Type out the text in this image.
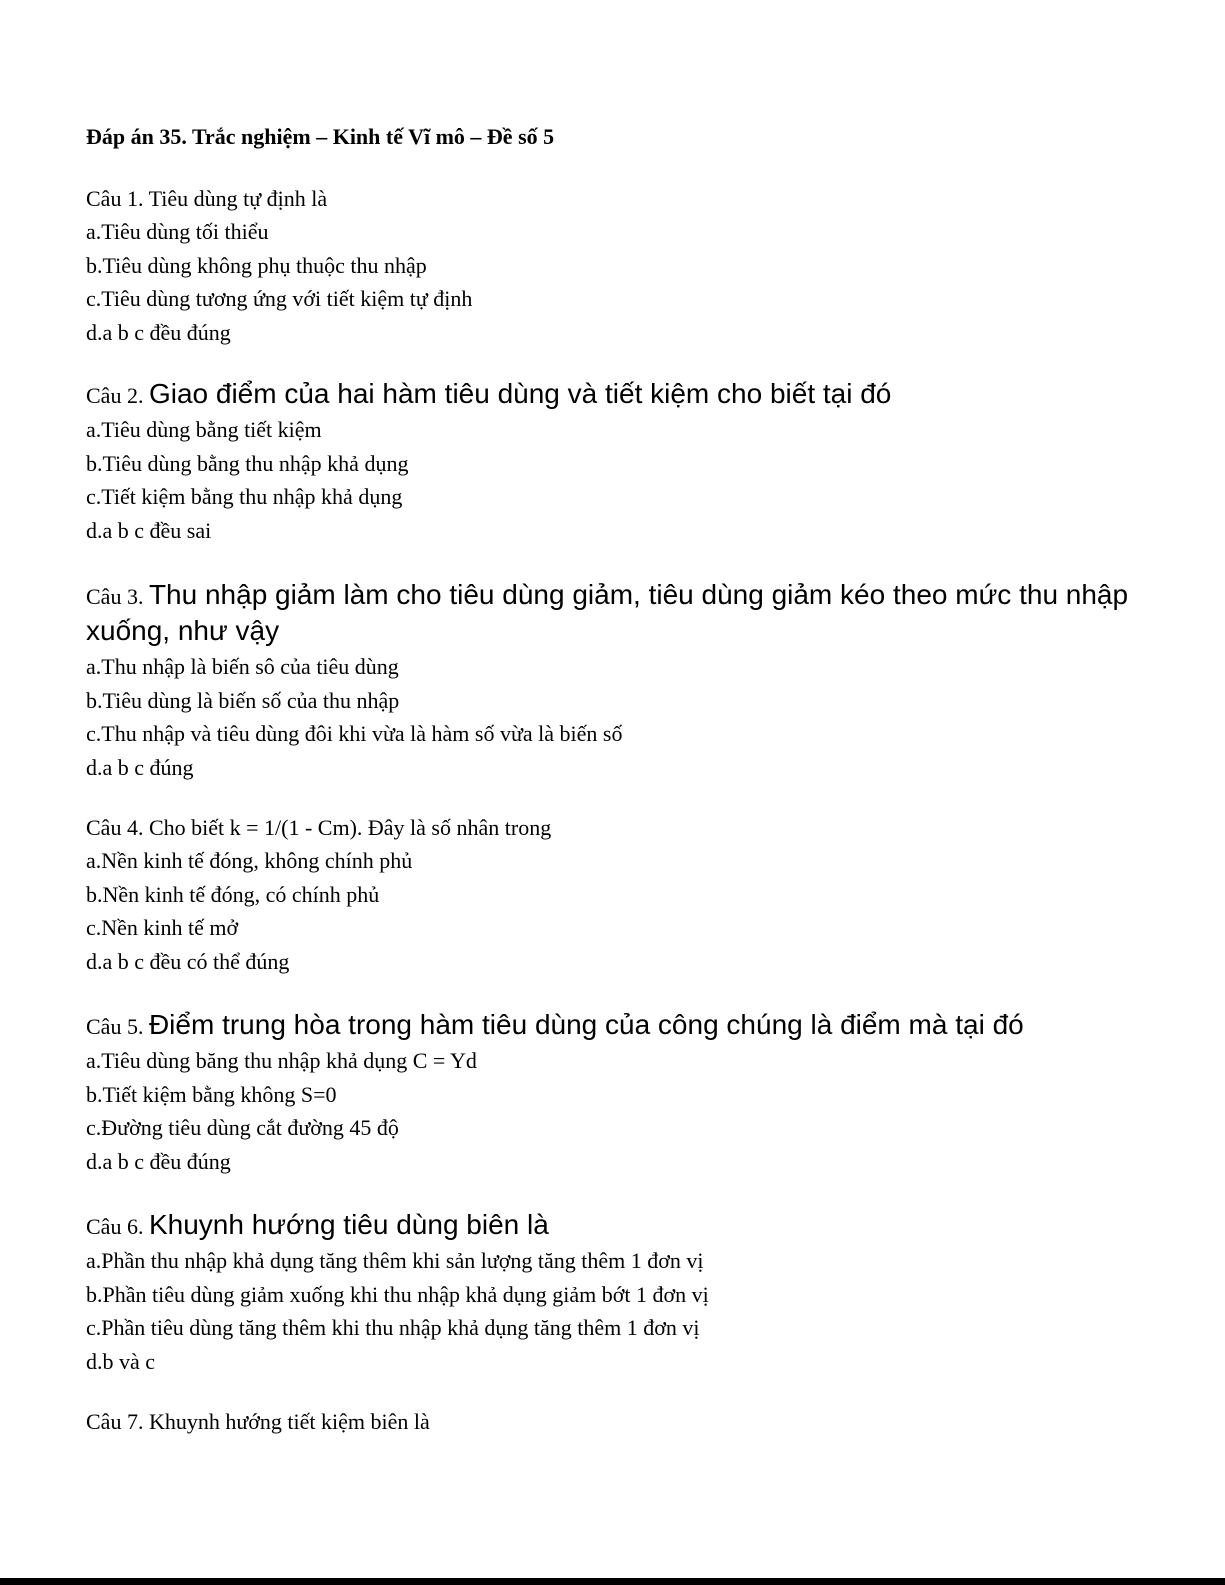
Đáp án 35. Trắc nghiệm – Kinh tế Vĩ mô – Đề số 5

Câu 1. Tiêu dùng tự định là

a.Tiêu dùng tối thiểu

b.Tiêu dùng không phụ thuộc thu nhập

c.Tiêu dùng tương ứng với tiết kiệm tự định

d.a b c đều đúng

Câu 2. Giao điểm của hai hàm tiêu dùng và tiết kiệm cho biết tại đó

a.Tiêu dùng bằng tiết kiệm

b.Tiêu dùng bằng thu nhập khả dụng

c.Tiết kiệm bằng thu nhập khả dụng

d.a b c đều sai

Câu 3. Thu nhập giảm làm cho tiêu dùng giảm, tiêu dùng giảm kéo theo mức thu nhập xuống, như vậy

a.Thu nhập là biến sô của tiêu dùng

b.Tiêu dùng là biến số của thu nhập

c.Thu nhập và tiêu dùng đôi khi vừa là hàm số vừa là biến số

d.a b c đúng

Câu 4. Cho biết k = 1/(1 - Cm). Đây là số nhân trong

a.Nền kinh tế đóng, không chính phủ

b.Nền kinh tế đóng, có chính phủ

c.Nền kinh tế mở

d.a b c đều có thể đúng

Câu 5. Điểm trung hòa trong hàm tiêu dùng của công chúng là điểm mà tại đó

a.Tiêu dùng băng thu nhập khả dụng C = Yd

b.Tiết kiệm bằng không S=0

c.Đường tiêu dùng cắt đường 45 độ

d.a b c đều đúng

Câu 6. Khuynh hướng tiêu dùng biên là

a.Phần thu nhập khả dụng tăng thêm khi sản lượng tăng thêm 1 đơn vị

b.Phần tiêu dùng giảm xuống khi thu nhập khả dụng giảm bớt 1 đơn vị

c.Phần tiêu dùng tăng thêm khi thu nhập khả dụng tăng thêm 1 đơn vị

d.b và c

Câu 7. Khuynh hướng tiết kiệm biên là
